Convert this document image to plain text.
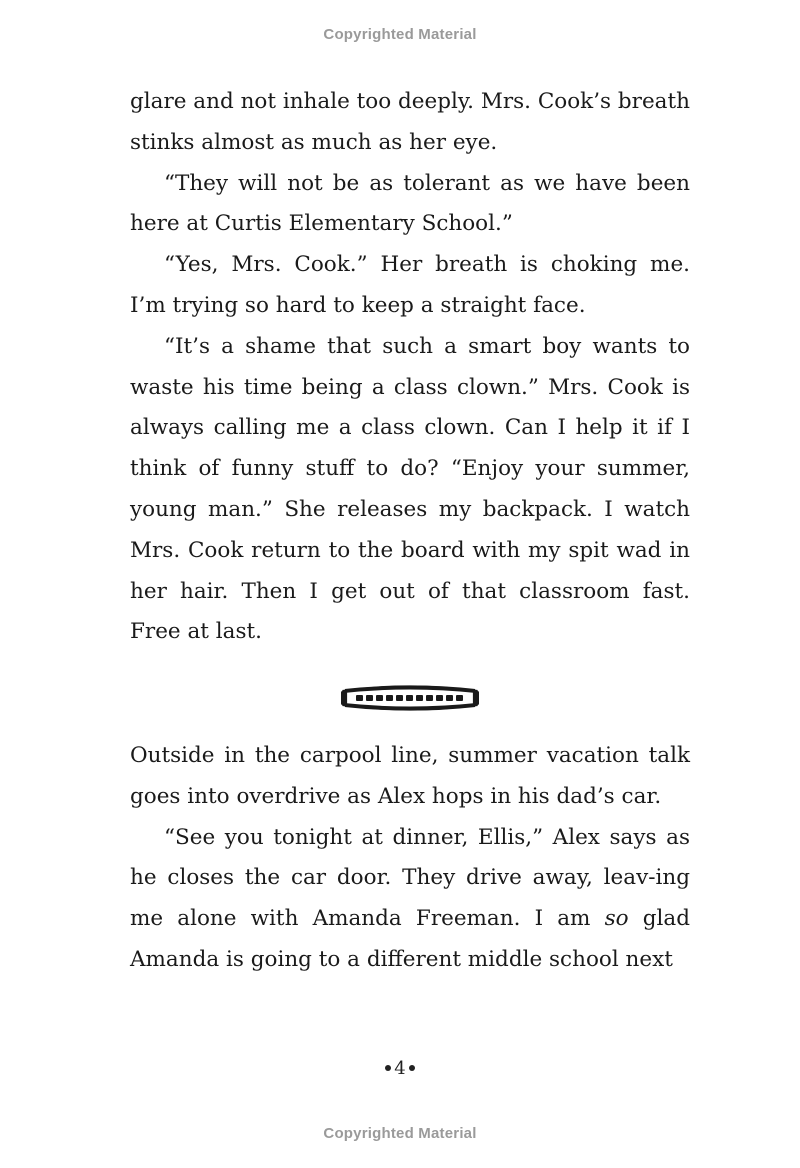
Copyrighted Material

glare and not inhale too deeply. Mrs. Cook’s breath stinks almost as much as her eye.

“They will not be as tolerant as we have been here at Curtis Elementary School.”

“Yes, Mrs. Cook.” Her breath is choking me. I’m trying so hard to keep a straight face.

“It’s a shame that such a smart boy wants to waste his time being a class clown.” Mrs. Cook is always calling me a class clown. Can I help it if I think of funny stuff to do? “Enjoy your summer, young man.” She releases my backpack. I watch Mrs. Cook return to the board with my spit wad in her hair. Then I get out of that classroom fast. Free at last.

Outside in the carpool line, summer vacation talk goes into overdrive as Alex hops in his dad’s car.

“See you tonight at dinner, Ellis,” Alex says as he closes the car door. They drive away, leav-ing me alone with Amanda Freeman. I am so glad Amanda is going to a different middle school next

4
Copyrighted Material
